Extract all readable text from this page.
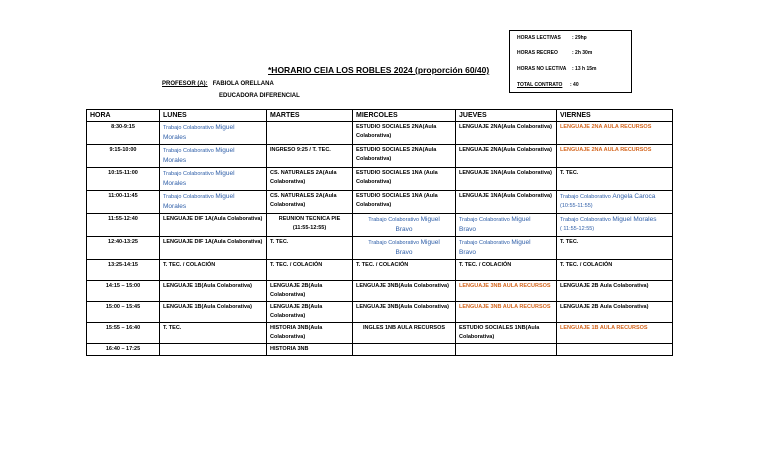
HORAS LECTIVAS : 29hp
HORAS RECREO	: 2h 30m
HORAS NO LECTIVA : 13 h 15m
TOTAL CONTRATO : 40
*HORARIO CEIA LOS ROBLES 2024 (proporción 60/40)
PROFESOR (A): FABIOLA ORELLANA
EDUCADORA DIFERENCIAL
HORA	LUNES	MARTES	MIERCOLES	JUEVES	VIERNES
8:30-9:15	Trabajo Colaborativo Miguel
Morales		ESTUDIO SOCIALES 2NA(Aula Colaborativa)	LENGUAJE 2NA(Aula Colaborativa)	LENGUAJE 2NA AULA RECURSOS
9:15-10:00	Trabajo Colaborativo Miguel
Morales	INGRESO 9:25 / T. TEC.	ESTUDIO SOCIALES 2NA(Aula Colaborativa)	LENGUAJE 2NA(Aula Colaborativa)	LENGUAJE 2NA AULA RECURSOS
10:15-11:00	Trabajo Colaborativo Miguel
Morales	CS. NATURALES 2A(Aula Colaborativa)	ESTUDIO SOCIALES 1NA (Aula Colaborativa)	LENGUAJE 1NA(Aula Colaborativa)	T. TEC.
11:00-11:45	Trabajo Colaborativo Miguel
Morales	CS. NATURALES 2A(Aula Colaborativa)	ESTUDIO SOCIALES 1NA (Aula Colaborativa)	LENGUAJE 1NA(Aula Colaborativa)	Trabajo Colaborativo Angela Caroca
(10:55-11:55)
11:55-12:40	LENGUAJE DIF 1A(Aula Colaborativa)	REUNION TECNICA PIE (11:55-12:55)	Trabajo Colaborativo Miguel
Bravo	Trabajo Colaborativo Miguel
Bravo	Trabajo Colaborativo Miguel Morales
( 11:55-12:55)
12:40-13:25	LENGUAJE DIF 1A(Aula Colaborativa)	T. TEC.	Trabajo Colaborativo Miguel
Bravo	Trabajo Colaborativo Miguel
Bravo	T. TEC.
13:25-14:15	T. TEC. / COLACIÓN	T. TEC. / COLACIÓN	T. TEC. / COLACIÓN	T. TEC. / COLACIÓN	T. TEC. / COLACIÓN
14:15 – 15:00	LENGUAJE 1B(Aula Colaborativa)	LENGUAJE 2B(Aula Colaborativa)	LENGUAJE 3NB(Aula Colaborativa)	LENGUAJE 3NB AULA RECURSOS	LENGUAJE 2B Aula Colaborativa)
15:00 – 15:45	LENGUAJE 1B(Aula Colaborativa)	LENGUAJE 2B(Aula Colaborativa)	LENGUAJE 3NB(Aula Colaborativa)	LENGUAJE 3NB AULA RECURSOS	LENGUAJE 2B Aula Colaborativa)
15:55 – 16:40	T. TEC.	HISTORIA 3NB(Aula Colaborativa)	INGLES 1NB AULA RECURSOS	ESTUDIO SOCIALES 1NB(Aula Colaborativa)	LENGUAJE 1B AULA RECURSOS
16:40 – 17:25		HISTORIA 3NB			
